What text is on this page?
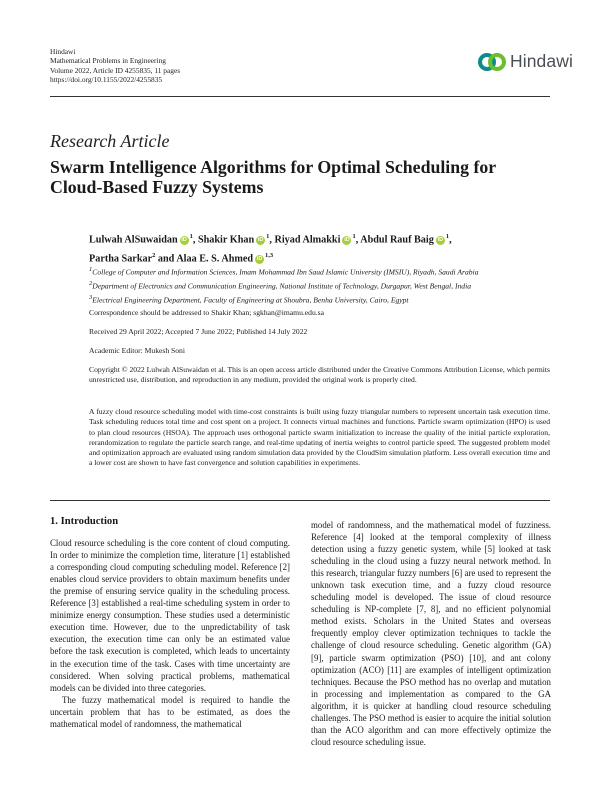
Hindawi
Mathematical Problems in Engineering
Volume 2022, Article ID 4255835, 11 pages
https://doi.org/10.1155/2022/4255835
Hindawi
Research Article
Swarm Intelligence Algorithms for Optimal Scheduling for Cloud-Based Fuzzy Systems
Lulwah AlSuwaidan $iD^1$, Shakir Khan $iD^1$, Riyad Almakki $iD^1$, Abdul Rauf Baig $iD^1$,
Partha Sarkar$^2$ and Alaa E. S. Ahmed iD$^{1,3}$
$^1$College of Computer and Information Sciences, Imam Mohammad Ibn Saud Islamic University (IMSIU), Riyadh, Saudi Arabia
$^2$Department of Electronics and Communication Engineering, National Institute of Technology, Durgapur, West Bengal, India
$^3$Electrical Engineering Department, Faculty of Engineering at Shoubra, Benha University, Cairo, Egypt
Correspondence should be addressed to Shakir Khan; sgkhan@imamu.edu.sa
Received 29 April 2022; Accepted 7 June 2022; Published 14 July 2022
Academic Editor: Mukesh Soni
Copyright © 2022 Lulwah AlSuwaidan et al. This is an open access article distributed under the Creative Commons Attribution License, which permits unrestricted use, distribution, and reproduction in any medium, provided the original work is properly cited.
A fuzzy cloud resource scheduling model with time-cost constraints is built using fuzzy triangular numbers to represent uncertain task execution time. Task scheduling reduces total time and cost spent on a project. It connects virtual machines and functions. Particle swarm optimization (HPO) is used to plan cloud resources (HSOA). The approach uses orthogonal particle swarm initialization to increase the quality of the initial particle exploration, rerandomization to regulate the particle search range, and real-time updating of inertia weights to control particle speed. The suggested problem model and optimization approach are evaluated using random simulation data provided by the CloudSim simulation platform. Less overall execution time and a lower cost are shown to have fast convergence and solution capabilities in experiments.
1. Introduction

Cloud resource scheduling is the core content of cloud computing. In order to minimize the completion time, literature [1] established a corresponding cloud computing scheduling model. Reference [2] enables cloud service providers to obtain maximum benefits under the premise of ensuring service quality in the scheduling process. Reference [3] established a real-time scheduling system in order to minimize energy consumption. These studies used a deterministic execution time. However, due to the unpredictability of task execution, the execution time can only be an estimated value before the task execution is completed, which leads to uncertainty in the execution time of the task. Cases with time uncertainty are considered. When solving practical problems, mathematical models can be divided into three categories.

The fuzzy mathematical model is required to handle the uncertain problem that has to be estimated, as does the mathematical model of randomness, the mathematical

model of randomness, and the mathematical model of fuzziness. Reference [4] looked at the temporal complexity of illness detection using a fuzzy genetic system, while [5] looked at task scheduling in the cloud using a fuzzy neural network method. In this research, triangular fuzzy numbers [6] are used to represent the unknown task execution time, and a fuzzy cloud resource scheduling model is developed. The issue of cloud resource scheduling is NP-complete [7, 8], and no efficient polynomial method exists. Scholars in the United States and overseas frequently employ clever optimization techniques to tackle the challenge of cloud resource scheduling. Genetic algorithm (GA) [9], particle swarm optimization (PSO) [10], and ant colony optimization (ACO) [11] are examples of intelligent optimization techniques. Because the PSO method has no overlap and mutation in processing and implementation as compared to the GA algorithm, it is quicker at handling cloud resource scheduling challenges. The PSO method is easier to acquire the initial solution than the ACO algorithm and can more effectively optimize the cloud resource scheduling issue.
